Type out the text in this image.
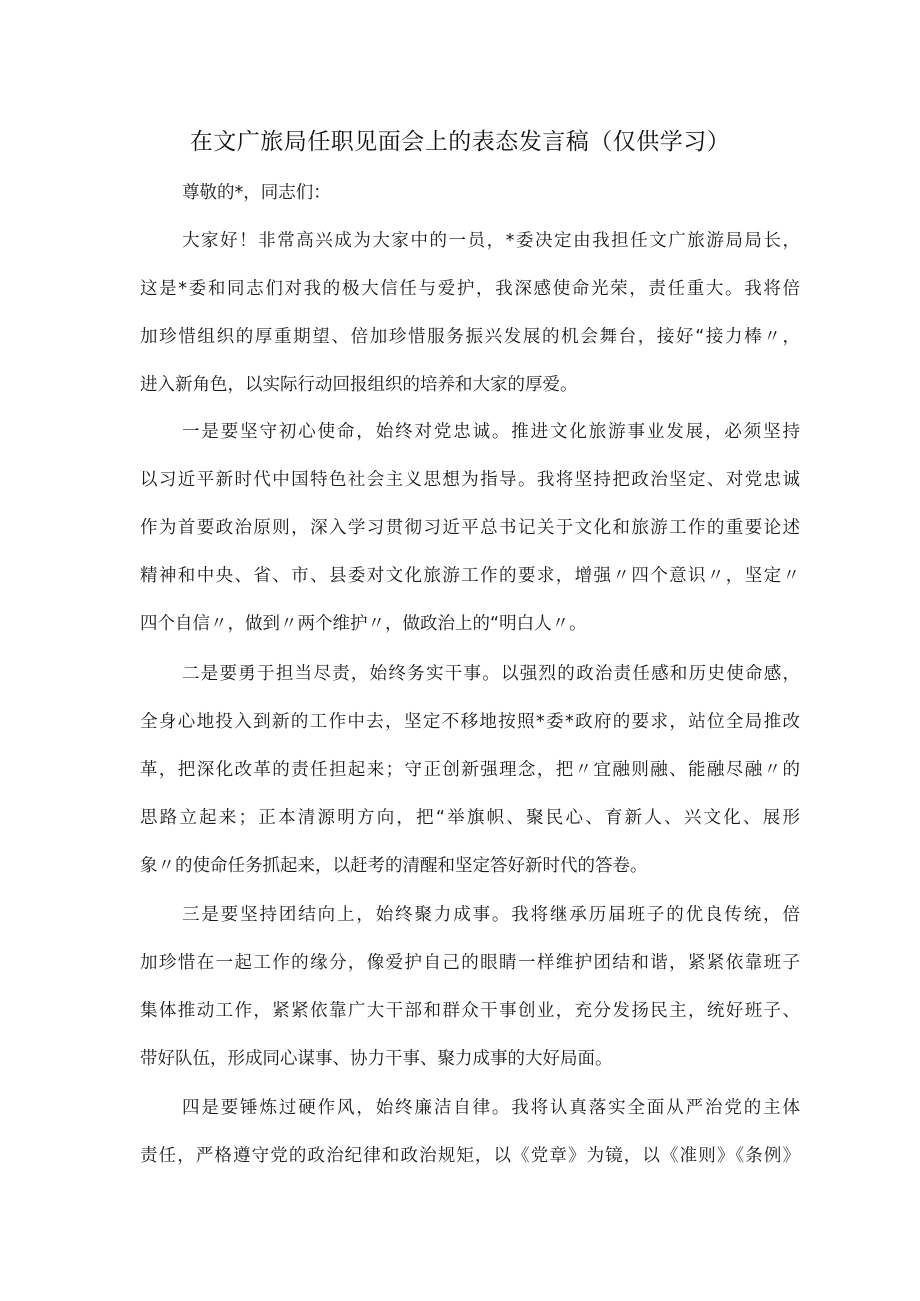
在文广旅局任职见面会上的表态发言稿（仅供学习）
尊敬的*，同志们：
大家好！非常高兴成为大家中的一员，*委决定由我担任文广旅游局局长，
这是*委和同志们对我的极大信任与爱护，我深感使命光荣，责任重大。我将倍
加珍惜组织的厚重期望、倍加珍惜服务振兴发展的机会舞台，接好“接力棒〃，
进入新角色，以实际行动回报组织的培养和大家的厚爱。
一是要坚守初心使命，始终对党忠诚。推进文化旅游事业发展，必须坚持
以习近平新时代中国特色社会主义思想为指导。我将坚持把政治坚定、对党忠诚
作为首要政治原则，深入学习贯彻习近平总书记关于文化和旅游工作的重要论述
精神和中央、省、市、县委对文化旅游工作的要求，增强〃四个意识〃，坚定〃
四个自信〃，做到〃两个维护〃，做政治上的“明白人〃。
二是要勇于担当尽责，始终务实干事。以强烈的政治责任感和历史使命感，
全身心地投入到新的工作中去，坚定不移地按照*委*政府的要求，站位全局推改
革，把深化改革的责任担起来；守正创新强理念，把〃宜融则融、能融尽融〃的
思路立起来；正本清源明方向，把“举旗帜、聚民心、育新人、兴文化、展形
象〃的使命任务抓起来，以赶考的清醒和坚定答好新时代的答卷。
三是要坚持团结向上，始终聚力成事。我将继承历届班子的优良传统，倍
加珍惜在一起工作的缘分，像爱护自己的眼睛一样维护团结和谐，紧紧依靠班子
集体推动工作，紧紧依靠广大干部和群众干事创业，充分发扬民主，统好班子、
带好队伍，形成同心谋事、协力干事、聚力成事的大好局面。
四是要锤炼过硬作风，始终廉洁自律。我将认真落实全面从严治党的主体
责任，严格遵守党的政治纪律和政治规矩，以《党章》为镜，以《准则》《条例》
